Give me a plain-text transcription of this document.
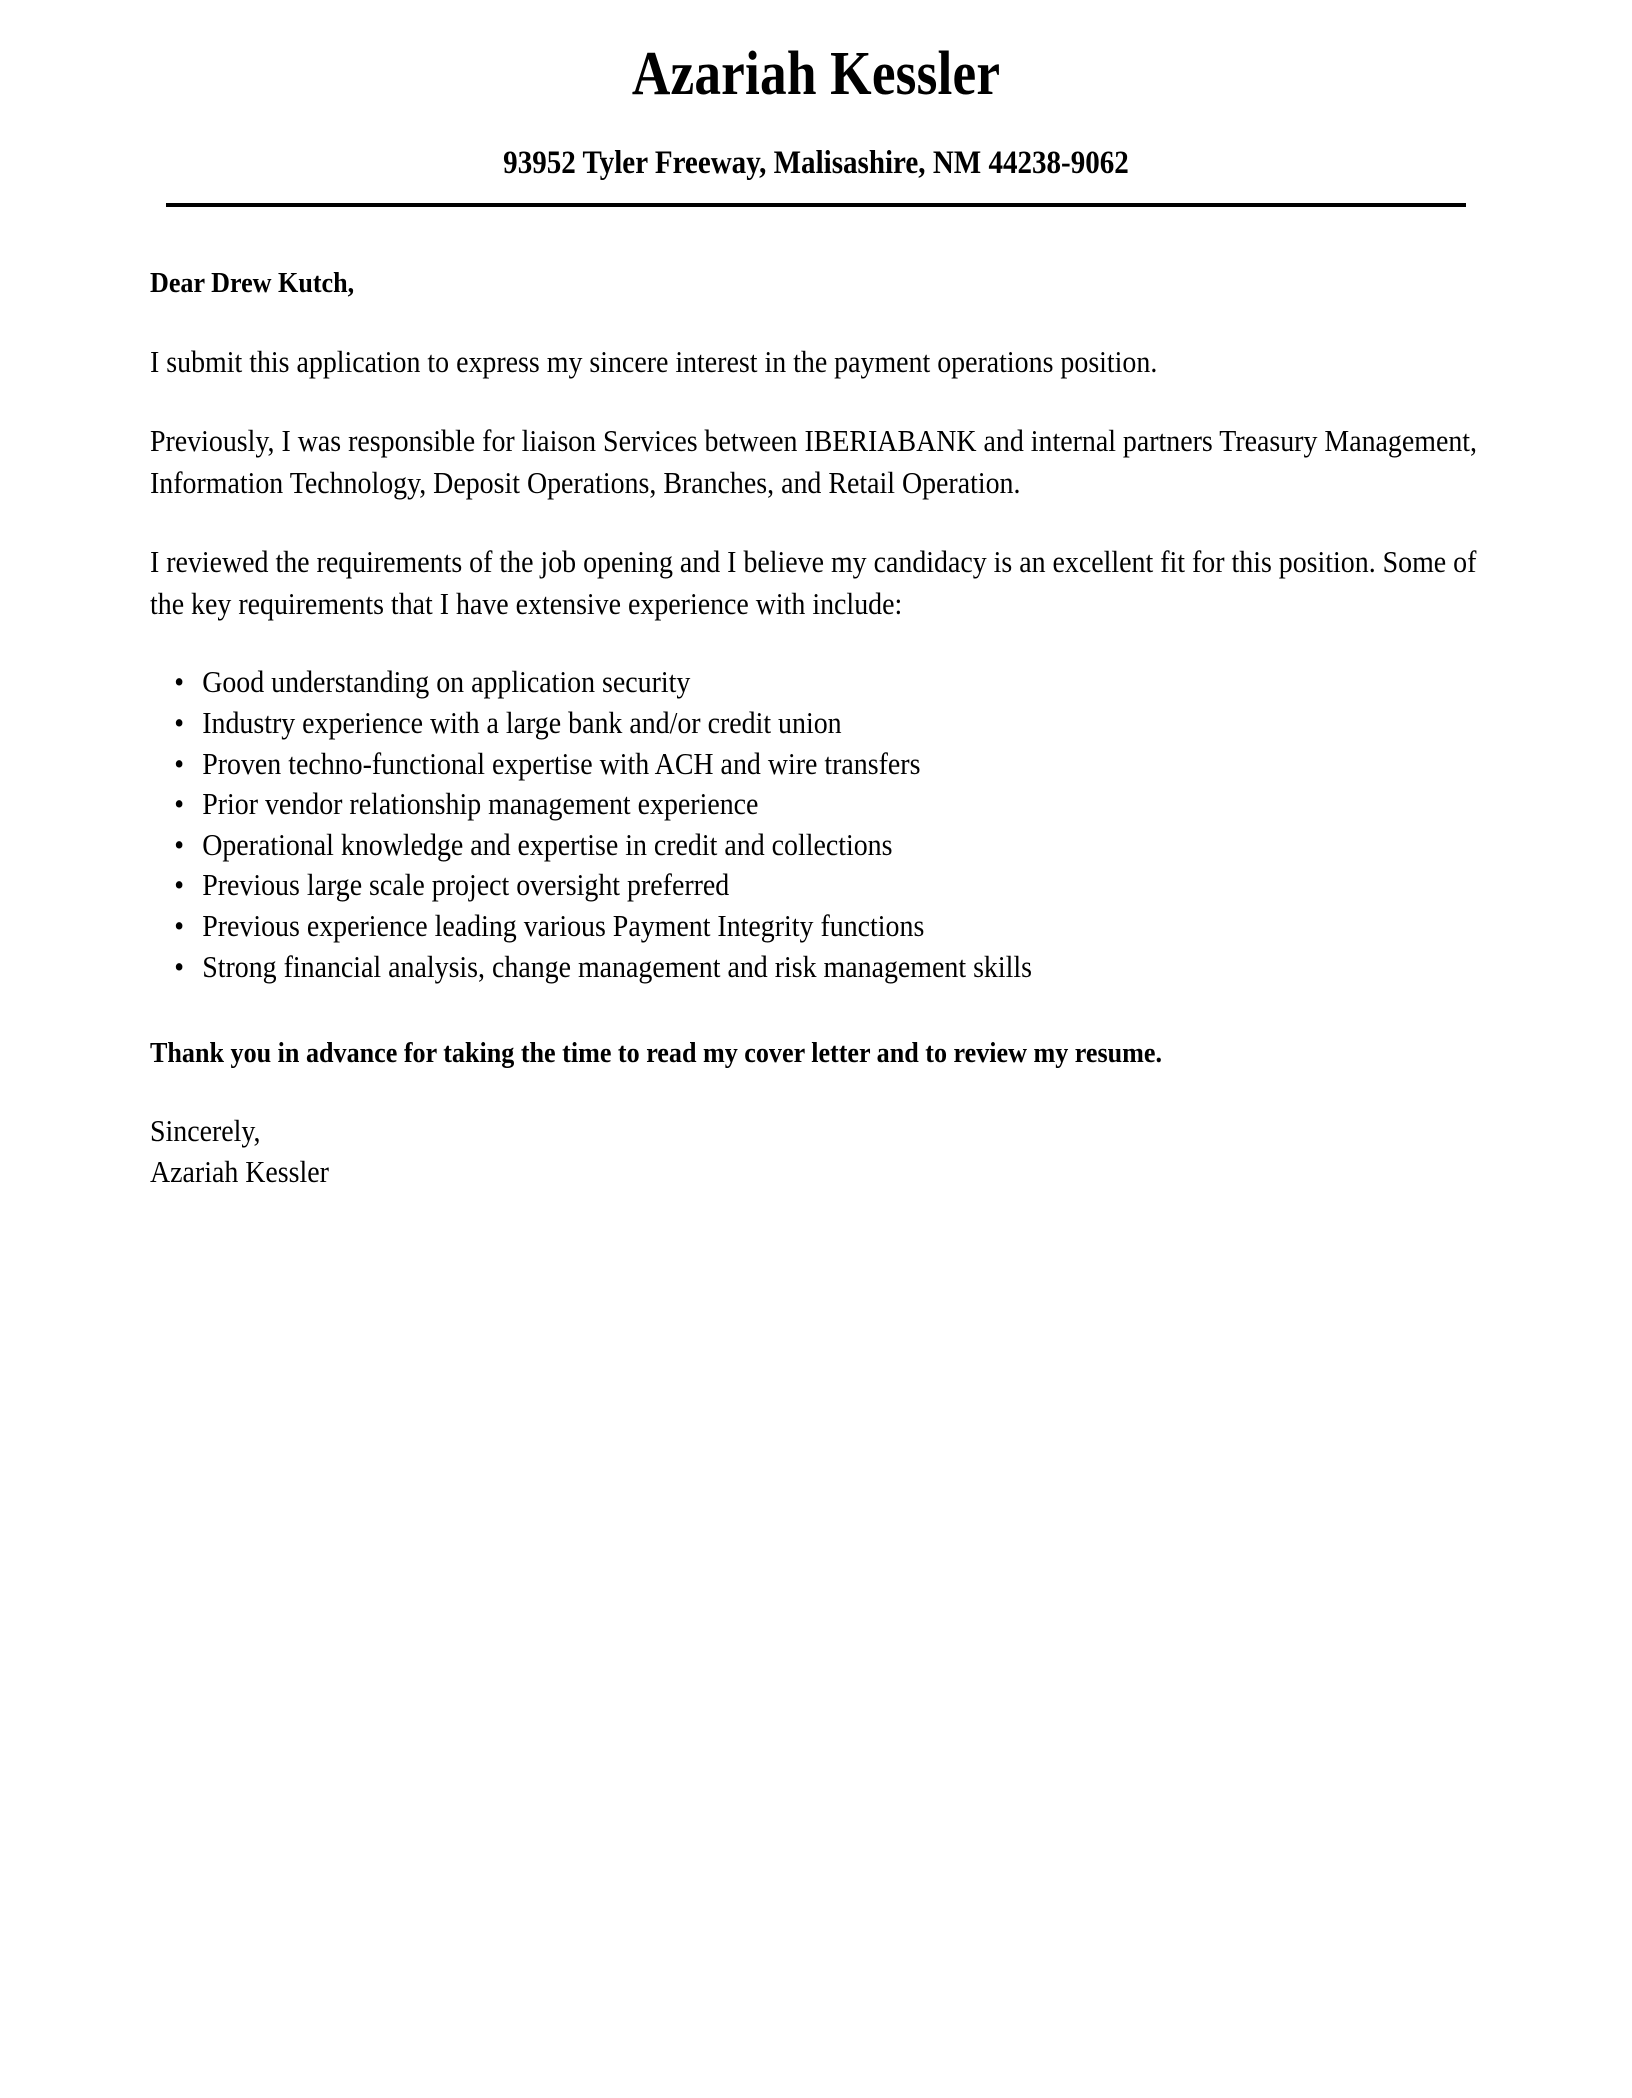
Azariah Kessler
93952 Tyler Freeway, Malisashire, NM 44238-9062
Dear Drew Kutch,

I submit this application to express my sincere interest in the payment operations position.

Previously, I was responsible for liaison Services between IBERIABANK and internal partners Treasury Management, Information Technology, Deposit Operations, Branches, and Retail Operation.

I reviewed the requirements of the job opening and I believe my candidacy is an excellent fit for this position. Some of the key requirements that I have extensive experience with include:

• Good understanding on application security
• Industry experience with a large bank and/or credit union
• Proven techno-functional expertise with ACH and wire transfers
• Prior vendor relationship management experience
• Operational knowledge and expertise in credit and collections
• Previous large scale project oversight preferred
• Previous experience leading various Payment Integrity functions
• Strong financial analysis, change management and risk management skills

Thank you in advance for taking the time to read my cover letter and to review my resume.

Sincerely,
Azariah Kessler
